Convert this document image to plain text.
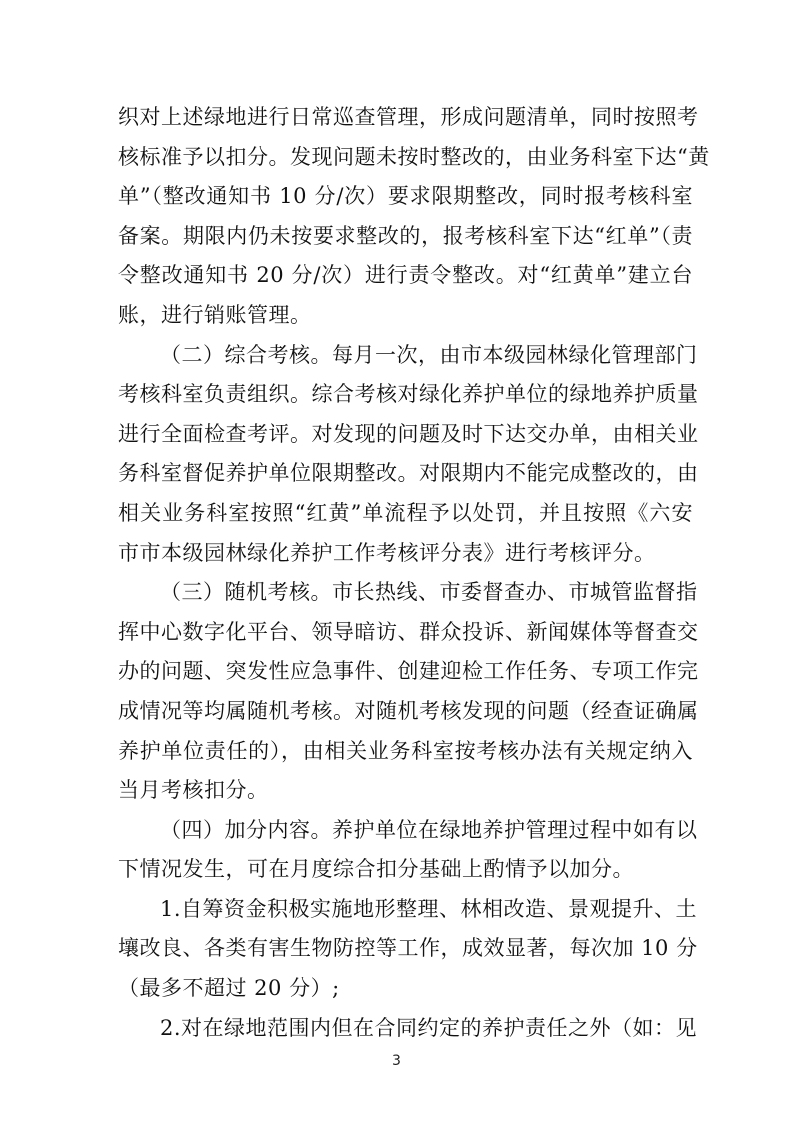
织对上述绿地进行日常巡查管理，形成问题清单，同时按照考
核标准予以扣分。发现问题未按时整改的，由业务科室下达“黄
单”（整改通知书 10 分/次）要求限期整改，同时报考核科室
备案。期限内仍未按要求整改的，报考核科室下达“红单”（责
令整改通知书 20 分/次）进行责令整改。对“红黄单”建立台
账，进行销账管理。
（二）综合考核。每月一次，由市本级园林绿化管理部门
考核科室负责组织。综合考核对绿化养护单位的绿地养护质量
进行全面检查考评。对发现的问题及时下达交办单，由相关业
务科室督促养护单位限期整改。对限期内不能完成整改的，由
相关业务科室按照“红黄”单流程予以处罚，并且按照《六安
市市本级园林绿化养护工作考核评分表》进行考核评分。
（三）随机考核。市长热线、市委督查办、市城管监督指
挥中心数字化平台、领导暗访、群众投诉、新闻媒体等督查交
办的问题、突发性应急事件、创建迎检工作任务、专项工作完
成情况等均属随机考核。对随机考核发现的问题（经查证确属
养护单位责任的），由相关业务科室按考核办法有关规定纳入
当月考核扣分。
（四）加分内容。养护单位在绿地养护管理过程中如有以
下情况发生，可在月度综合扣分基础上酌情予以加分。
1.自筹资金积极实施地形整理、林相改造、景观提升、土
壤改良、各类有害生物防控等工作，成效显著，每次加 10 分
（最多不超过 20 分）;
2.对在绿地范围内但在合同约定的养护责任之外（如：见
3
